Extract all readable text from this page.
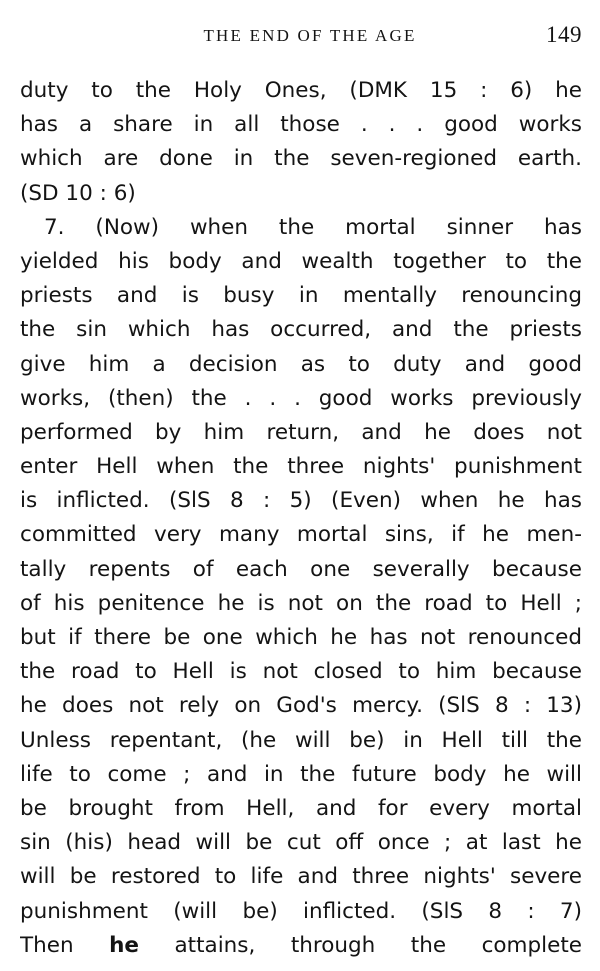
THE END OF THE AGE	149
duty to the Holy Ones, (DMK 15 : 6) he
has a share in all those . . . good works
which are done in the seven-regioned earth.
(SD 10 : 6)
7. (Now) when the mortal sinner has
yielded his body and wealth together to the
priests and is busy in mentally renouncing
the sin which has occurred, and the priests
give him a decision as to duty and good
works, (then) the . . . good works previously
performed by him return, and he does not
enter Hell when the three nights' punishment
is inflicted. (SlS 8 : 5) (Even) when he has
committed very many mortal sins, if he men-
tally repents of each one severally because
of his penitence he is not on the road to Hell ;
but if there be one which he has not renounced
the road to Hell is not closed to him because
he does not rely on God's mercy. (SlS 8 : 13)
Unless repentant, (he will be) in Hell till the
life to come ; and in the future body he will
be brought from Hell, and for every mortal
sin (his) head will be cut off once ; at last he
will be restored to life and three nights' severe
punishment (will be) inflicted. (SlS 8 : 7)
Then he attains, through the complete
